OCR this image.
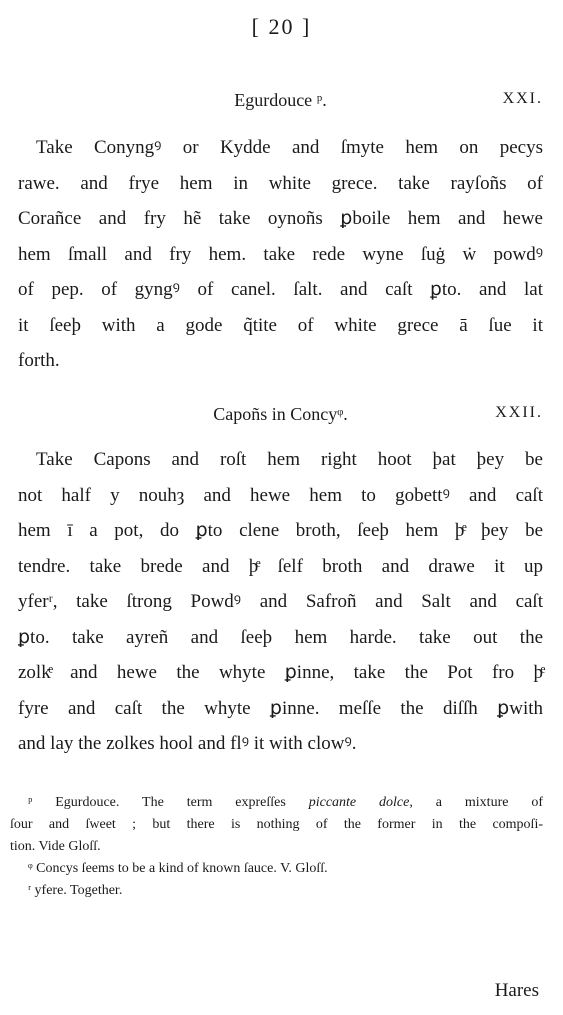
[ 20 ]
Egurdouce ᵖ.	XXI.
Take Conyngꝰ or Kydde and ſmyte hem on pecys
rawe. and frye hem in white grece. take rayſoñs of
Corañce and fry hẽ take oynoñs ꝑboile hem and hewe
hem ſmall and fry hem. take rede wyne ſuġ ẇ powdꝰ
of pep. of gyngꝰ of canel. ſalt. and caſt ꝑto. and lat
it ſeeþ with a gode q̃tite of white grece ā ſue it
forth.
Capoñs in Concyᵠ.	XXII.
Take Capons and roſt hem right hoot þat þey be
not half y nouhȝ and hewe hem to gobettꝰ and caſt
hem ī a pot, do ꝑto clene broth, ſeeþ hem þͤ þey be
tendre. take brede and þͤ ſelf broth and drawe it up
yferʳ, take ſtrong Powdꝰ and Safroñ and Salt and caſt
ꝑto. take ayreñ and ſeeþ hem harde. take out the
zolkͤ and hewe the whyte ꝑinne, take the Pot fro þͤ
fyre and caſt the whyte ꝑinne. meſſe the diſſh ꝑwith
and lay the zolkes hool and flꝰ it with clowꝰ.
ᵖ Egurdouce. The term expreſſes piccante dolce, a mixture of
ſour and ſweet ; but there is nothing of the former in the compoſi-
tion. Vide Gloſſ.
ᵠ Concys ſeems to be a kind of known ſauce. V. Gloſſ.
ʳ yfere. Together.
Hares
